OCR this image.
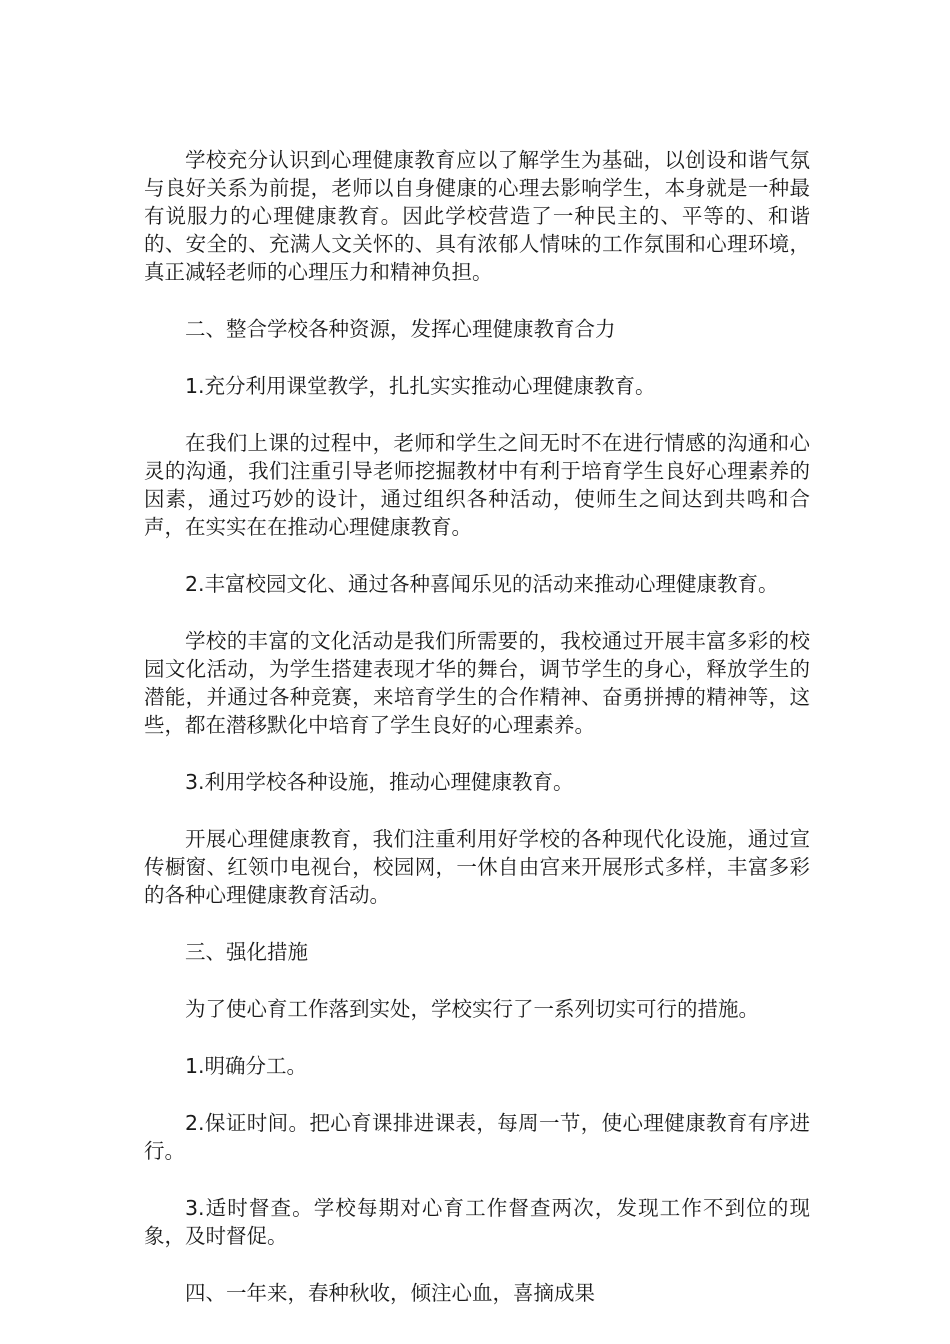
学校充分认识到心理健康教育应以了解学生为基础，以创设和谐气氛与良好关系为前提，老师以自身健康的心理去影响学生，本身就是一种最有说服力的心理健康教育。因此学校营造了一种民主的、平等的、和谐的、安全的、充满人文关怀的、具有浓郁人情味的工作氛围和心理环境，真正减轻老师的心理压力和精神负担。

二、整合学校各种资源，发挥心理健康教育合力

1.充分利用课堂教学，扎扎实实推动心理健康教育。

在我们上课的过程中，老师和学生之间无时不在进行情感的沟通和心灵的沟通，我们注重引导老师挖掘教材中有利于培育学生良好心理素养的因素，通过巧妙的设计，通过组织各种活动，使师生之间达到共鸣和合声，在实实在在推动心理健康教育。

2.丰富校园文化、通过各种喜闻乐见的活动来推动心理健康教育。

学校的丰富的文化活动是我们所需要的，我校通过开展丰富多彩的校园文化活动，为学生搭建表现才华的舞台，调节学生的身心，释放学生的潜能，并通过各种竞赛，来培育学生的合作精神、奋勇拼搏的精神等，这些，都在潜移默化中培育了学生良好的心理素养。

3.利用学校各种设施，推动心理健康教育。

开展心理健康教育，我们注重利用好学校的各种现代化设施，通过宣传橱窗、红领巾电视台，校园网，一休自由宫来开展形式多样，丰富多彩的各种心理健康教育活动。

三、强化措施

为了使心育工作落到实处，学校实行了一系列切实可行的措施。

1.明确分工。

2.保证时间。把心育课排进课表，每周一节，使心理健康教育有序进行。

3.适时督查。学校每期对心育工作督查两次，发现工作不到位的现象，及时督促。

四、一年来，春种秋收，倾注心血，喜摘成果
